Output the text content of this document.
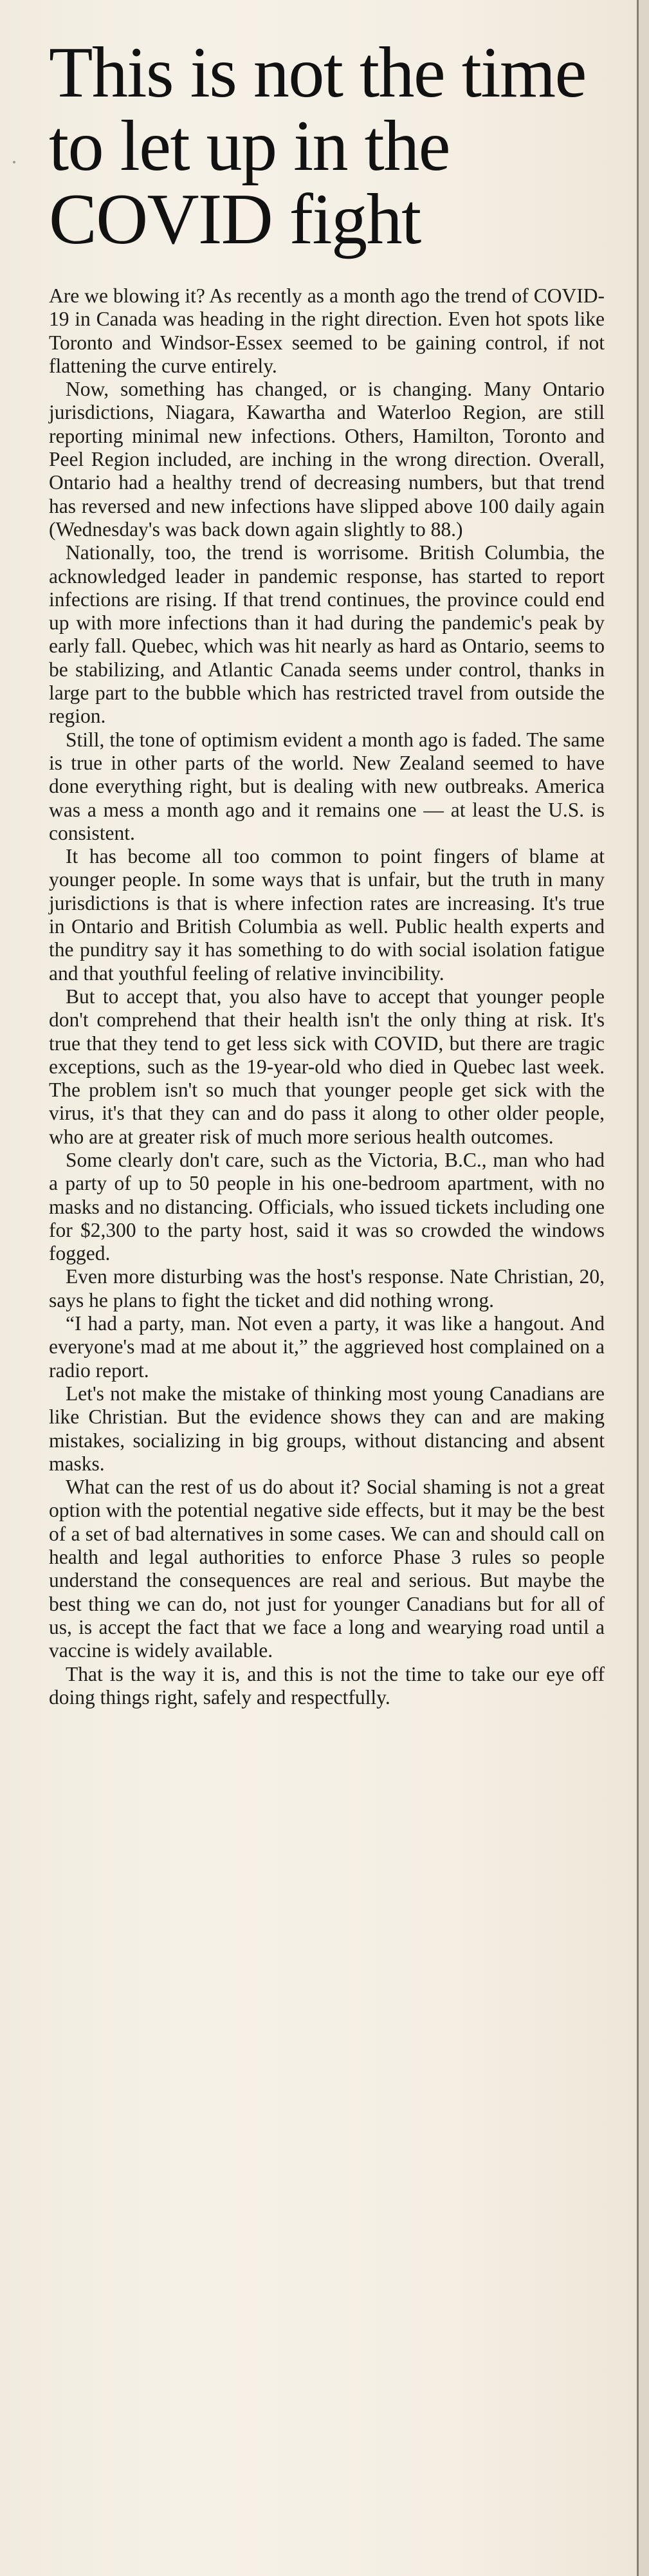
This is not the time to let up in the COVID fight

Are we blowing it? As recently as a month ago the trend of COVID-19 in Canada was heading in the right direction. Even hot spots like Toronto and Windsor-Essex seemed to be gaining control, if not flattening the curve entirely.

Now, something has changed, or is changing. Many Ontario jurisdictions, Niagara, Kawartha and Waterloo Region, are still reporting minimal new infections. Others, Hamilton, Toronto and Peel Region included, are inching in the wrong direction. Overall, Ontario had a healthy trend of decreasing numbers, but that trend has reversed and new infections have slipped above 100 daily again (Wednesday's was back down again slightly to 88.)

Nationally, too, the trend is worrisome. British Columbia, the acknowledged leader in pandemic response, has started to report infections are rising. If that trend continues, the province could end up with more infections than it had during the pandemic's peak by early fall. Quebec, which was hit nearly as hard as Ontario, seems to be stabilizing, and Atlantic Canada seems under control, thanks in large part to the bubble which has restricted travel from outside the region.

Still, the tone of optimism evident a month ago is faded. The same is true in other parts of the world. New Zealand seemed to have done everything right, but is dealing with new outbreaks. America was a mess a month ago and it remains one — at least the U.S. is consistent.

It has become all too common to point fingers of blame at younger people. In some ways that is unfair, but the truth in many jurisdictions is that is where infection rates are increasing. It's true in Ontario and British Columbia as well. Public health experts and the punditry say it has something to do with social isolation fatigue and that youthful feeling of relative invincibility.

But to accept that, you also have to accept that younger people don't comprehend that their health isn't the only thing at risk. It's true that they tend to get less sick with COVID, but there are tragic exceptions, such as the 19-year-old who died in Quebec last week. The problem isn't so much that younger people get sick with the virus, it's that they can and do pass it along to other older people, who are at greater risk of much more serious health outcomes.

Some clearly don't care, such as the Victoria, B.C., man who had a party of up to 50 people in his one-bedroom apartment, with no masks and no distancing. Officials, who issued tickets including one for $2,300 to the party host, said it was so crowded the windows fogged.

Even more disturbing was the host's response. Nate Christian, 20, says he plans to fight the ticket and did nothing wrong.

“I had a party, man. Not even a party, it was like a hangout. And everyone's mad at me about it,” the aggrieved host complained on a radio report.

Let's not make the mistake of thinking most young Canadians are like Christian. But the evidence shows they can and are making mistakes, socializing in big groups, without distancing and absent masks.

What can the rest of us do about it? Social shaming is not a great option with the potential negative side effects, but it may be the best of a set of bad alternatives in some cases. We can and should call on health and legal authorities to enforce Phase 3 rules so people understand the consequences are real and serious. But maybe the best thing we can do, not just for younger Canadians but for all of us, is accept the fact that we face a long and wearying road until a vaccine is widely available.

That is the way it is, and this is not the time to take our eye off doing things right, safely and respectfully.
